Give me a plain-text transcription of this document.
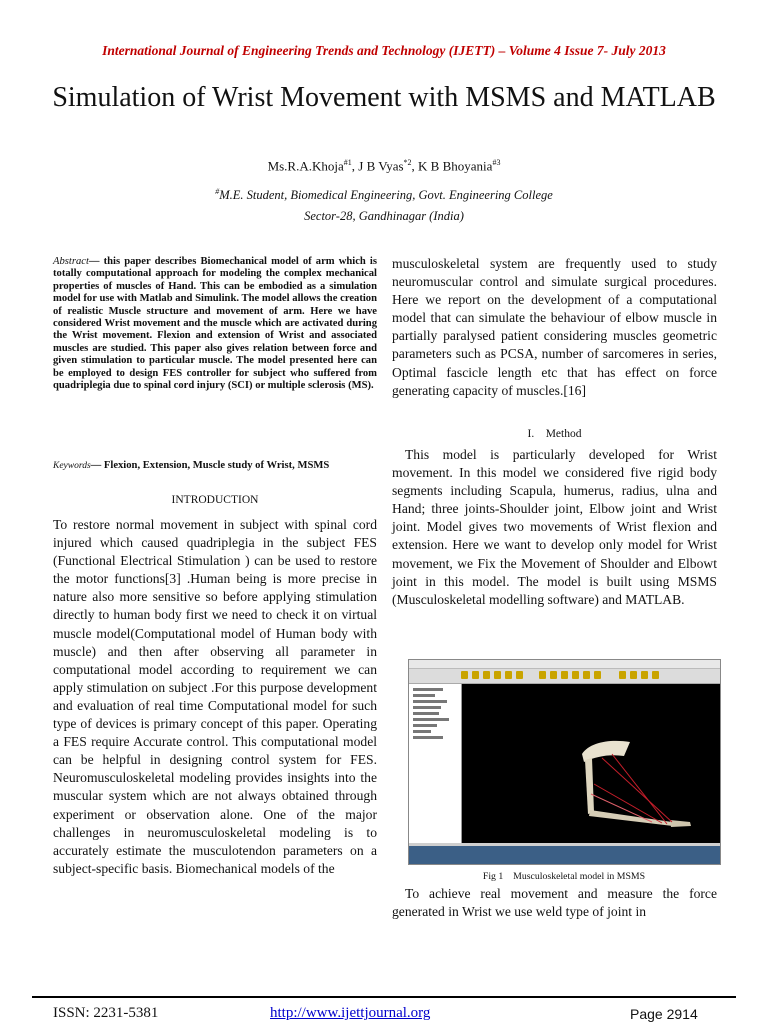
International Journal of Engineering Trends and Technology (IJETT) – Volume 4 Issue 7- July 2013
Simulation of Wrist Movement with MSMS and MATLAB
Ms.R.A.Khoja$^{\#1}$, J B Vyas$^{*2}$, K B Bhoyania$^{\#3}$
#M.E. Student, Biomedical Engineering, Govt. Engineering College
Sector-28, Gandhinagar (India)
Abstract— this paper describes Biomechanical model of arm which is totally computational approach for modeling the complex mechanical properties of muscles of Hand. This can be embodied as a simulation model for use with Matlab and Simulink. The model allows the creation of realistic Muscle structure and movement of arm. Here we have considered Wrist movement and the muscle which are activated during the Wrist movement. Flexion and extension of Wrist and associated muscles are studied. This paper also gives relation between force and given stimulation to particular muscle. The model presented here can be employed to design FES controller for subject who suffered from quadriplegia due to spinal cord injury (SCI) or multiple sclerosis (MS).
Keywords— Flexion, Extension, Muscle study of Wrist, MSMS
INTRODUCTION
To restore normal movement in subject with spinal cord injured which caused quadriplegia in the subject FES (Functional Electrical Stimulation ) can be used to restore the motor functions[3] .Human being is more precise in nature also more sensitive so before applying stimulation directly to human body first we need to check it on virtual muscle model(Computational model of Human body with muscle) and then after observing all parameter in computational model according to requirement we can apply stimulation on subject .For this purpose development and evaluation of real time Computational model for such type of devices is primary concept of this paper. Operating a FES require Accurate control. This computational model can be helpful in designing control system for FES. Neuromusculoskeletal modeling provides insights into the muscular system which are not always obtained through experiment or observation alone. One of the major challenges in neuromusculoskeletal modeling is to accurately estimate the musculotendon parameters on a subject-specific basis. Biomechanical models of the
musculoskeletal system are frequently used to study neuromuscular control and simulate surgical procedures. Here we report on the development of a computational model that can simulate the behaviour of elbow muscle in partially paralysed patient considering muscles geometric parameters such as PCSA, number of sarcomeres in series, Optimal fascicle length etc that has effect on force generating capacity of muscles.[16]
I. Method
This model is particularly developed for Wrist movement. In this model we considered five rigid body segments including Scapula, humerus, radius, ulna and Hand; three joints-Shoulder joint, Elbow joint and Wrist joint. Model gives two movements of Wrist flexion and extension. Here we want to develop only model for Wrist movement, we Fix the Movement of Shoulder and Elbowt joint in this model. The model is built using MSMS (Musculoskeletal modelling software) and MATLAB.
Fig 1 Musculoskeletal model in MSMS
To achieve real movement and measure the force generated in Wrist we use weld type of joint in
ISSN: 2231-5381	http://www.ijettjournal.org	Page 2914
